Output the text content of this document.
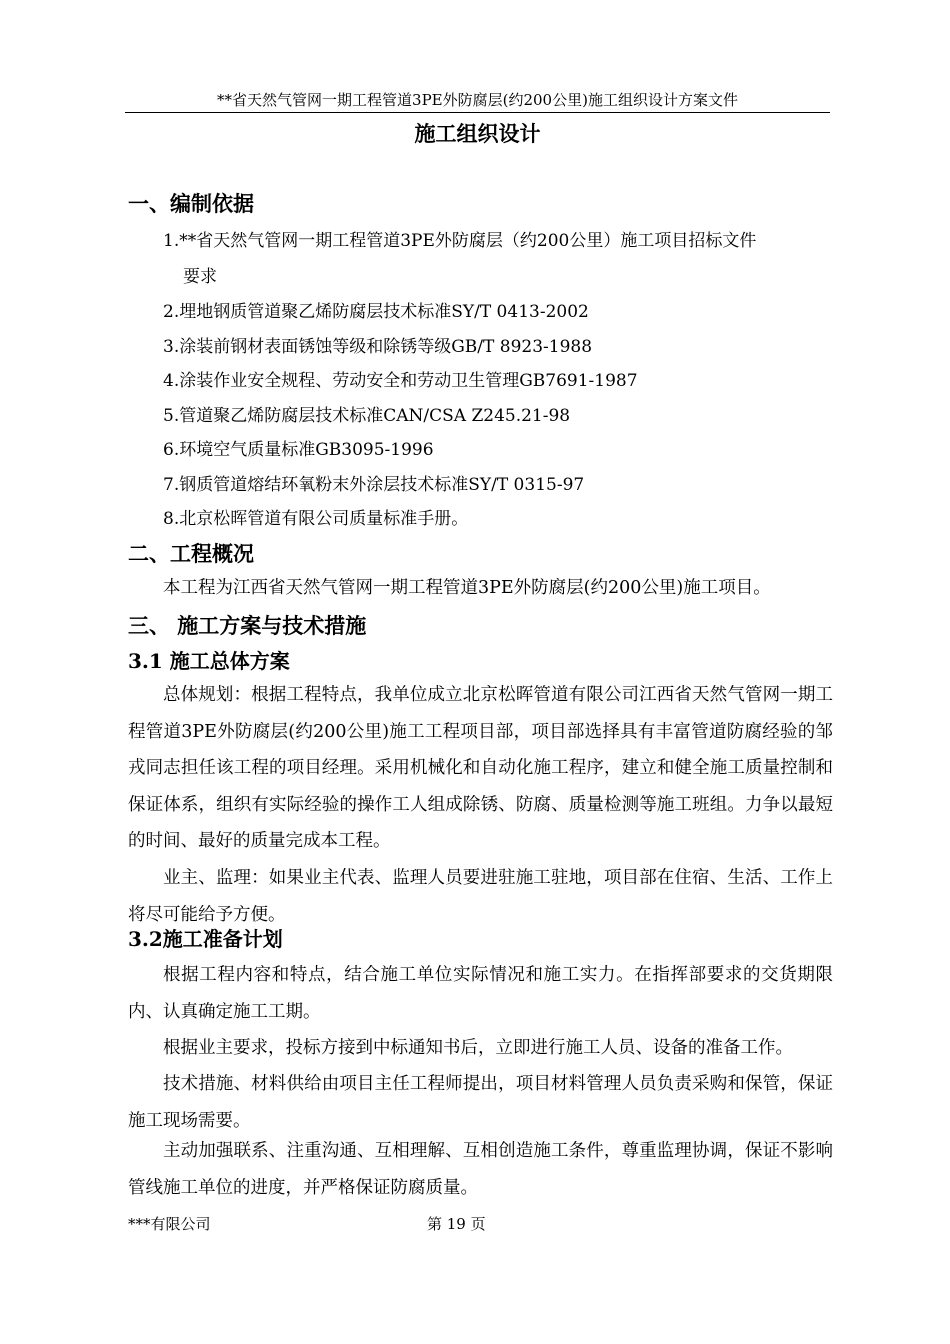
**省天然气管网一期工程管道3PE外防腐层(约200公里)施工组织设计方案文件
施工组织设计
一、编制依据
1.**省天然气管网一期工程管道3PE外防腐层（约200公里）施工项目招标文件
要求
2.埋地钢质管道聚乙烯防腐层技术标准SY/T 0413-2002
3.涂装前钢材表面锈蚀等级和除锈等级GB/T 8923-1988
4.涂装作业安全规程、劳动安全和劳动卫生管理GB7691-1987
5.管道聚乙烯防腐层技术标准CAN/CSA Z245.21-98
6.环境空气质量标准GB3095-1996
7.钢质管道熔结环氧粉末外涂层技术标准SY/T 0315-97
8.北京松晖管道有限公司质量标准手册。
二、工程概况

本工程为江西省天然气管网一期工程管道3PE外防腐层(约200公里)施工项目。

三、 施工方案与技术措施
3.1 施工总体方案

总体规划：根据工程特点，我单位成立北京松晖管道有限公司江西省天然气管网一期工程管道3PE外防腐层(约200公里)施工工程项目部，项目部选择具有丰富管道防腐经验的邹戎同志担任该工程的项目经理。采用机械化和自动化施工程序，建立和健全施工质量控制和保证体系，组织有实际经验的操作工人组成除锈、防腐、质量检测等施工班组。力争以最短的时间、最好的质量完成本工程。

业主、监理：如果业主代表、监理人员要进驻施工驻地，项目部在住宿、生活、工作上将尽可能给予方便。

3.2施工准备计划

根据工程内容和特点，结合施工单位实际情况和施工实力。在指挥部要求的交货期限内、认真确定施工工期。

根据业主要求，投标方接到中标通知书后，立即进行施工人员、设备的准备工作。

技术措施、材料供给由项目主任工程师提出，项目材料管理人员负责采购和保管，保证施工现场需要。

主动加强联系、注重沟通、互相理解、互相创造施工条件，尊重监理协调，保证不影响管线施工单位的进度，并严格保证防腐质量。

***有限公司	第 19 页
